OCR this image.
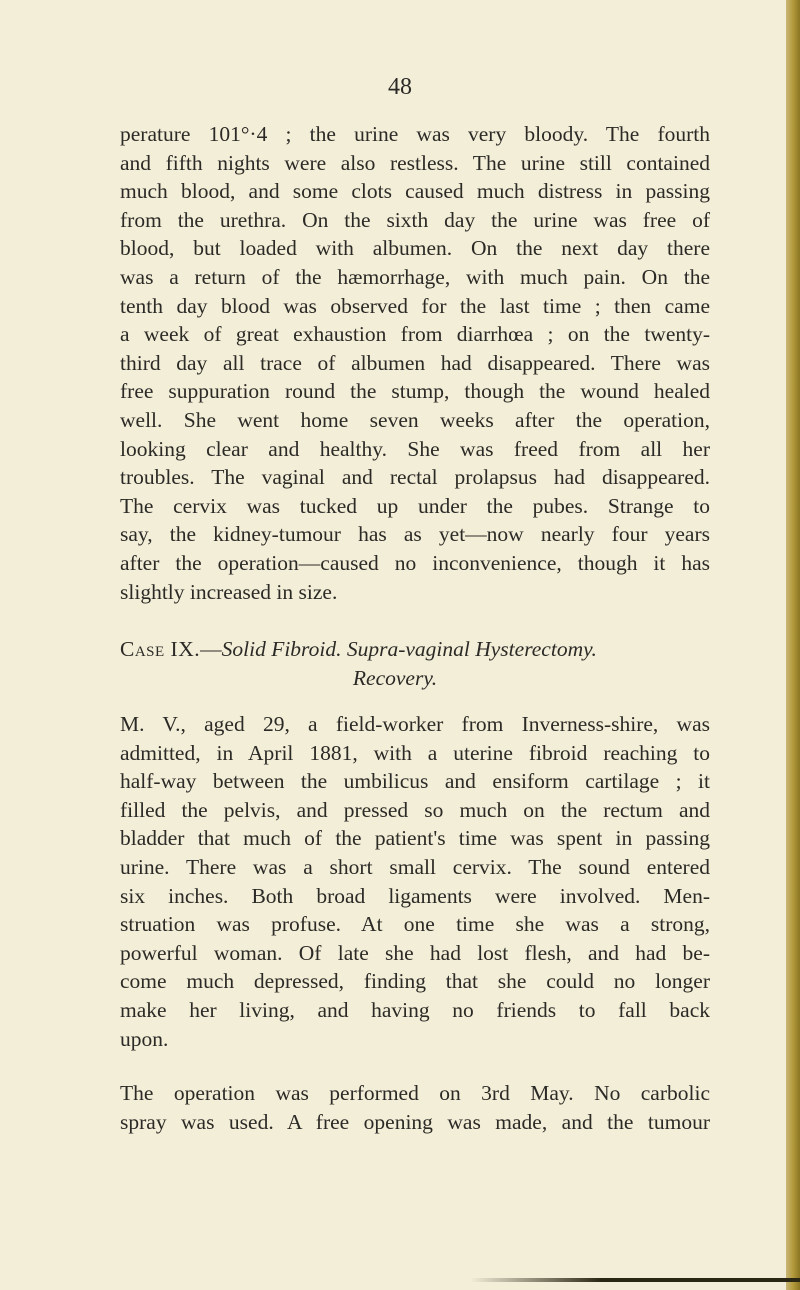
48
perature 101°·4 ; the urine was very bloody. The fourth
and fifth nights were also restless. The urine still contained
much blood, and some clots caused much distress in passing
from the urethra. On the sixth day the urine was free of
blood, but loaded with albumen. On the next day there
was a return of the hæmorrhage, with much pain. On the
tenth day blood was observed for the last time ; then came
a week of great exhaustion from diarrhœa ; on the twenty-
third day all trace of albumen had disappeared. There was
free suppuration round the stump, though the wound healed
well. She went home seven weeks after the operation,
looking clear and healthy. She was freed from all her
troubles. The vaginal and rectal prolapsus had disappeared.
The cervix was tucked up under the pubes. Strange to
say, the kidney-tumour has as yet—now nearly four years
after the operation—caused no inconvenience, though it has
slightly increased in size.
Case IX.—Solid Fibroid. Supra-vaginal Hysterectomy.
Recovery.
M. V., aged 29, a field-worker from Inverness-shire, was
admitted, in April 1881, with a uterine fibroid reaching to
half-way between the umbilicus and ensiform cartilage ; it
filled the pelvis, and pressed so much on the rectum and
bladder that much of the patient's time was spent in passing
urine. There was a short small cervix. The sound entered
six inches. Both broad ligaments were involved. Men-
struation was profuse. At one time she was a strong,
powerful woman. Of late she had lost flesh, and had be-
come much depressed, finding that she could no longer
make her living, and having no friends to fall back
upon.
The operation was performed on 3rd May. No carbolic
spray was used. A free opening was made, and the tumour
